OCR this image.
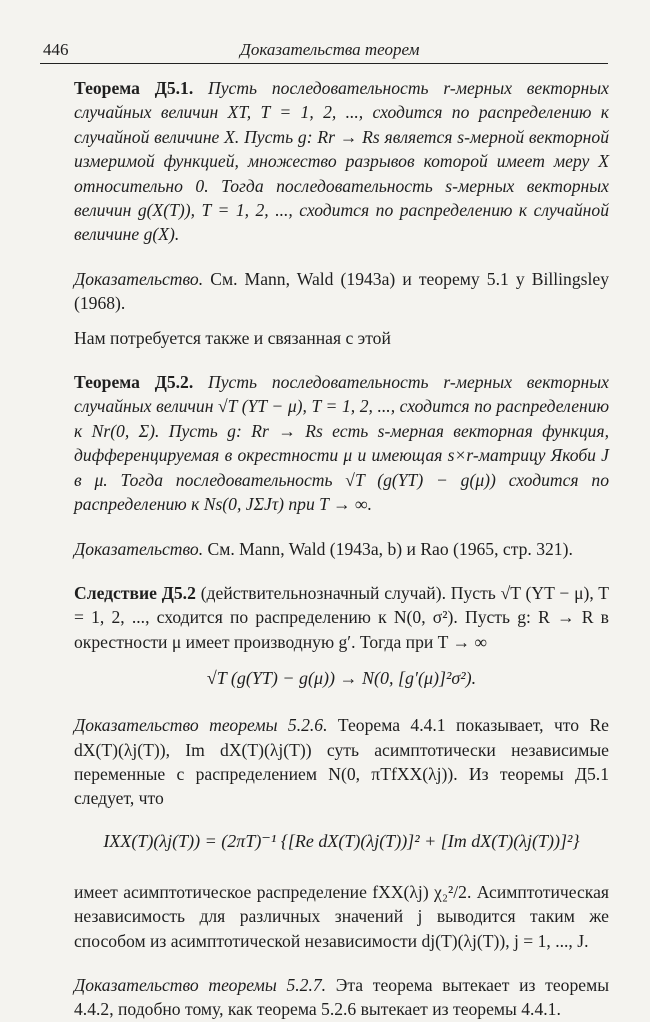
446	Доказательства теорем
Теорема Д5.1. Пусть последовательность r-мерных векторных случайных величин XT, T = 1, 2, ..., сходится по распределению к случайной величине X. Пусть g: Rr → Rs является s-мерной векторной измеримой функцией, множество разрывов которой имеет меру X относительно 0. Тогда последовательность s-мерных векторных величин g(X(T)), T = 1, 2, ..., сходится по распределению к случайной величине g(X).
Доказательство. См. Mann, Wald (1943а) и теорему 5.1 у Billingsley (1968).
Нам потребуется также и связанная с этой
Теорема Д5.2. Пусть последовательность r-мерных векторных случайных величин √T (YT − μ), T = 1, 2, ..., сходится по распределению к Nr(0, Σ). Пусть g: Rr → Rs есть s-мерная векторная функция, дифференцируемая в окрестности μ и имеющая s×r-матрицу Якоби J в μ. Тогда последовательность √T (g(YT) − g(μ)) сходится по распределению к Ns(0, JΣJτ) при T → ∞.
Доказательство. См. Mann, Wald (1943а, b) и Rao (1965, стр. 321).
Следствие Д5.2 (действительнозначный случай). Пусть √T (YT − μ), T = 1, 2, ..., сходится по распределению к N(0, σ²). Пусть g: R → R в окрестности μ имеет производную g′. Тогда при T → ∞
√T (g(YT) − g(μ)) → N(0, [g′(μ)]²σ²).
Доказательство теоремы 5.2.6. Теорема 4.4.1 показывает, что Re dX(T)(λj(T)), Im dX(T)(λj(T)) суть асимптотически независимые переменные с распределением N(0, πTfXX(λj)). Из теоремы Д5.1 следует, что
IXX(T)(λj(T)) = (2πT)⁻¹ {[Re dX(T)(λj(T))]² + [Im dX(T)(λj(T))]²}
имеет асимптотическое распределение fXX(λj) χ₂²/2. Асимптотическая независимость для различных значений j выводится таким же способом из асимптотической независимости dj(T)(λj(T)), j = 1, ..., J.
Доказательство теоремы 5.2.7. Эта теорема вытекает из теоремы 4.4.2, подобно тому, как теорема 5.2.6 вытекает из теоремы 4.4.1.
